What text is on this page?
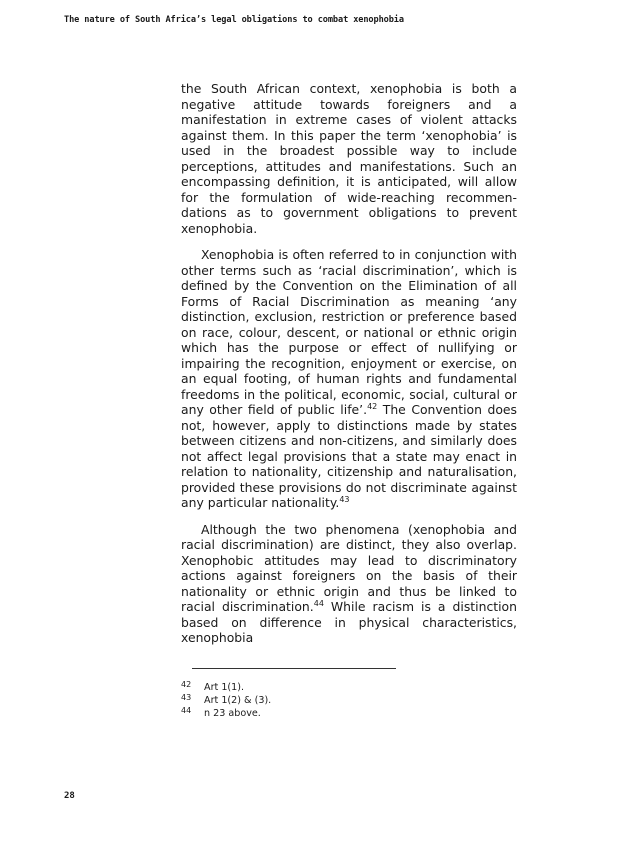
The nature of South Africa’s legal obligations to combat xenophobia

the South African context, xenophobia is both a negative attitude towards foreigners and a manifestation in extreme cases of violent attacks against them. In this paper the term ‘xenophobia’ is used in the broadest possible way to include perceptions, attitudes and manifestations. Such an encompassing definition, it is anticipated, will allow for the formulation of wide-reaching recommendations as to government obligations to prevent xenophobia.

Xenophobia is often referred to in conjunction with other terms such as ‘racial discrimination’, which is defined by the Convention on the Elimination of all Forms of Racial Discrimination as meaning ‘any distinction, exclusion, restriction or preference based on race, colour, descent, or national or ethnic origin which has the purpose or effect of nullifying or impairing the recognition, enjoyment or exercise, on an equal footing, of human rights and fundamental freedoms in the political, economic, social, cultural or any other field of public life’.$^{42}$ The Convention does not, however, apply to distinctions made by states between citizens and non-citizens, and similarly does not affect legal provisions that a state may enact in relation to nationality, citizenship and naturalisation, provided these provisions do not discriminate against any particular nationality.$^{43}$

Although the two phenomena (xenophobia and racial discrimination) are distinct, they also overlap. Xenophobic attitudes may lead to discriminatory actions against foreigners on the basis of their nationality or ethnic origin and thus be linked to racial discrimination.$^{44}$ While racism is a distinction based on difference in physical characteristics, xenophobia

42	Art 1(1).
43	Art 1(2) & (3).
44	n 23 above.
28
